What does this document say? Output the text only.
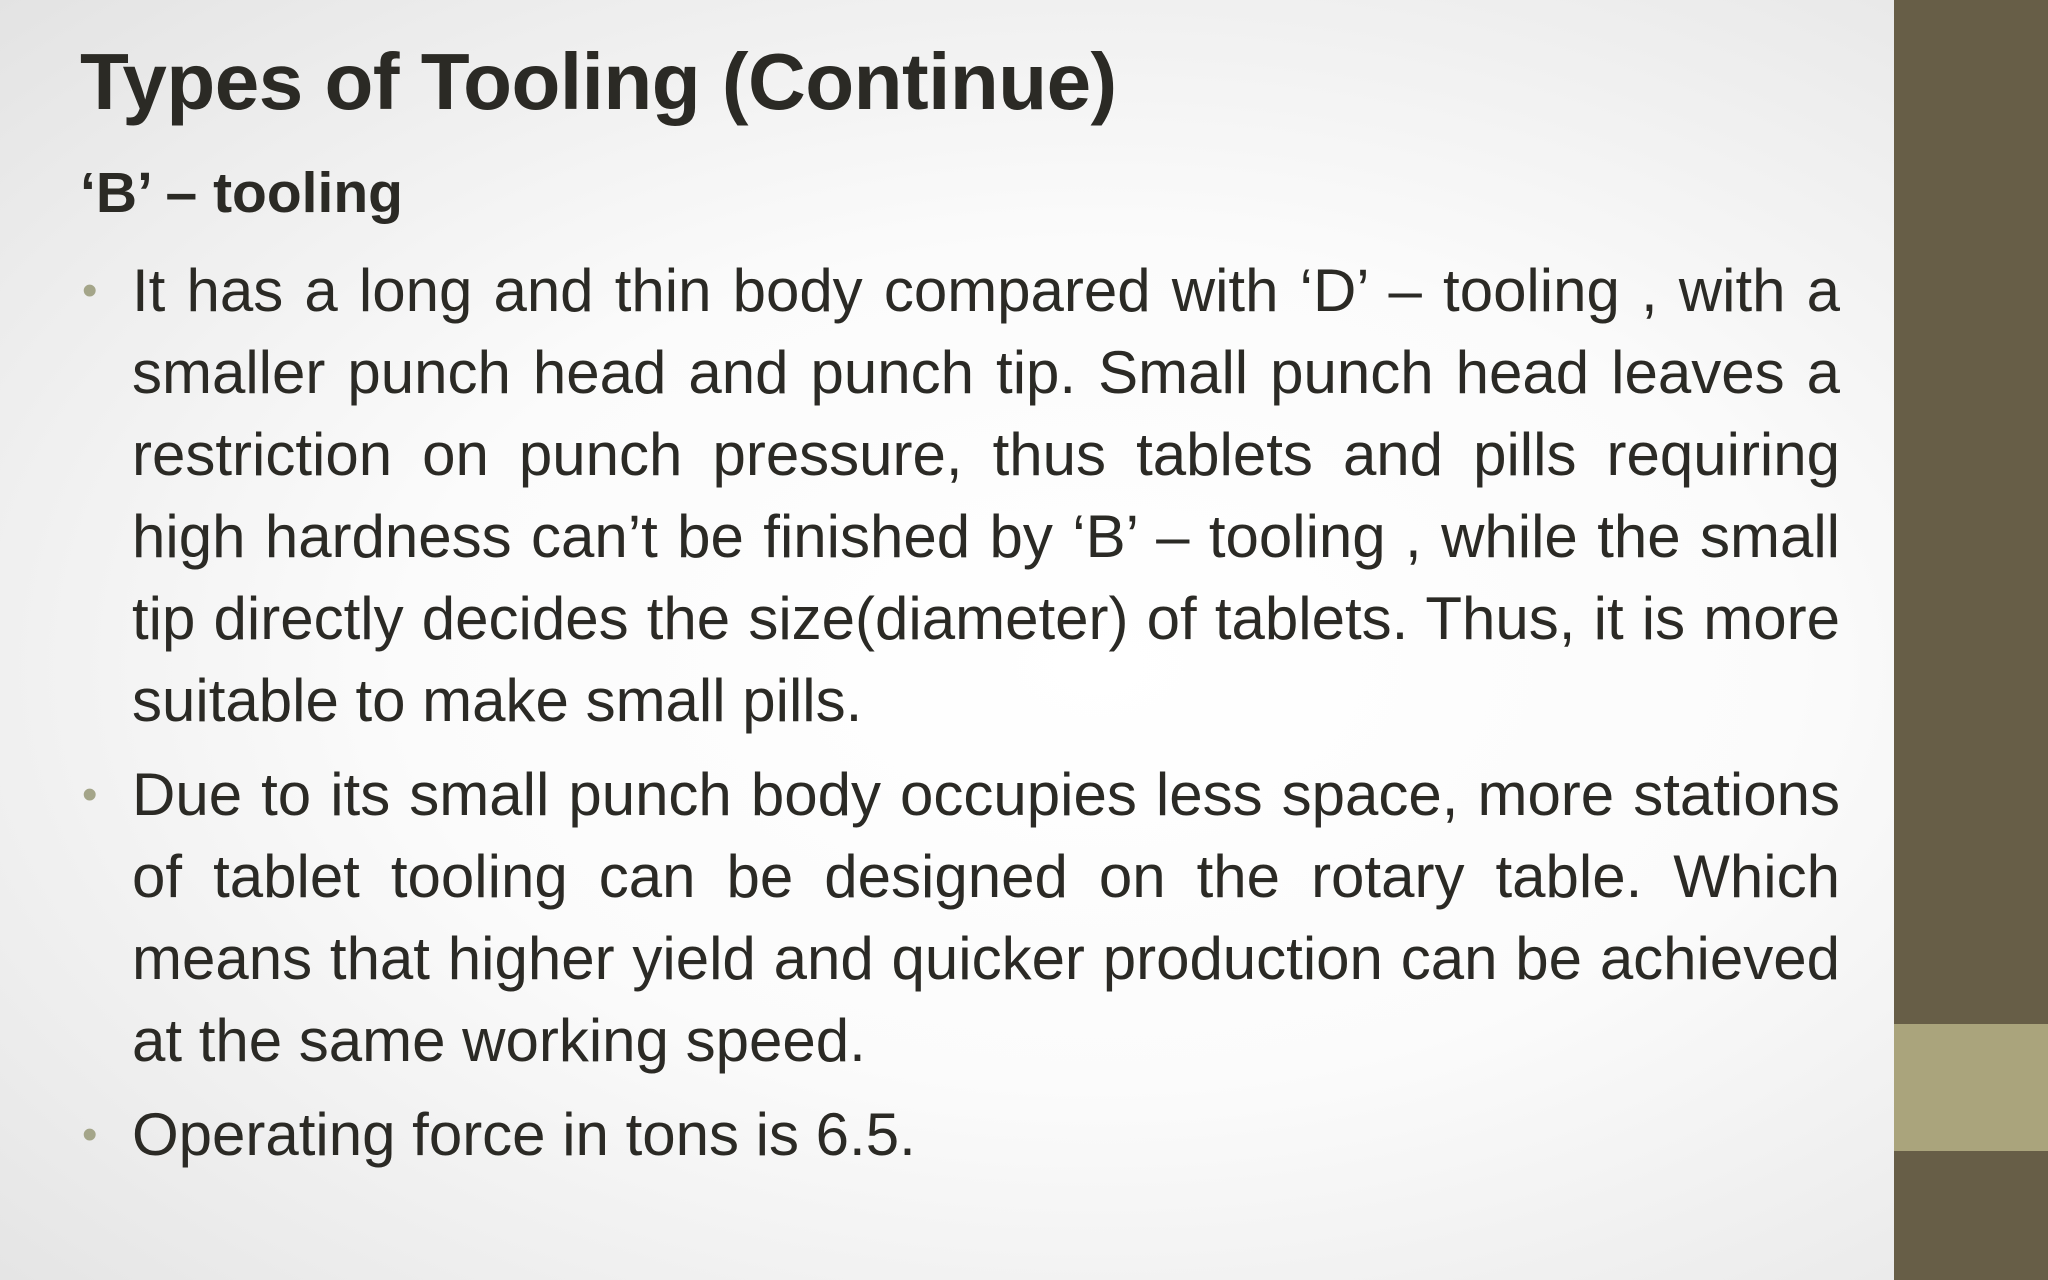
Types of Tooling (Continue)
‘B’ – tooling
• It has a long and thin body compared with ‘D’ – tooling , with a smaller punch head and punch tip. Small punch head leaves a restriction on punch pressure, thus tablets and pills requiring high hardness can’t be finished by ‘B’ – tooling , while the small tip directly decides the size(diameter) of tablets. Thus, it is more suitable to make small pills.
• Due to its small punch body occupies less space, more stations of tablet tooling can be designed on the rotary table. Which means that higher yield and quicker production can be achieved at the same working speed.
• Operating force in tons is 6.5.
